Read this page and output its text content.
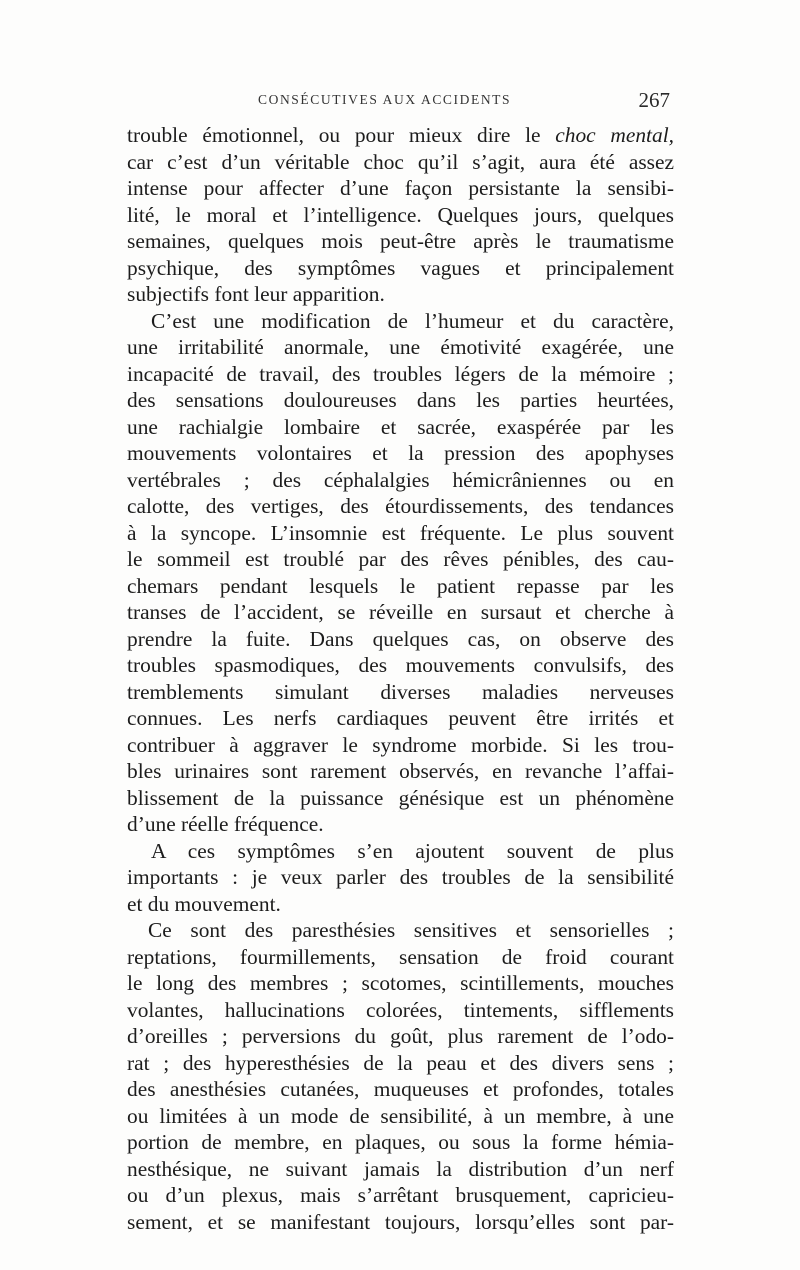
CONSÉCUTIVES AUX ACCIDENTS	267
trouble émotionnel, ou pour mieux dire le choc mental,
car c’est d’un véritable choc qu’il s’agit, aura été assez
intense pour affecter d’une façon persistante la sensibi-
lité, le moral et l’intelligence. Quelques jours, quelques
semaines, quelques mois peut-être après le traumatisme
psychique, des symptômes vagues et principalement
subjectifs font leur apparition.
C’est une modification de l’humeur et du caractère,
une irritabilité anormale, une émotivité exagérée, une
incapacité de travail, des troubles légers de la mémoire ;
des sensations douloureuses dans les parties heurtées,
une rachialgie lombaire et sacrée, exaspérée par les
mouvements volontaires et la pression des apophyses
vertébrales ; des céphalalgies hémicrâniennes ou en
calotte, des vertiges, des étourdissements, des tendances
à la syncope. L’insomnie est fréquente. Le plus souvent
le sommeil est troublé par des rêves pénibles, des cau-
chemars pendant lesquels le patient repasse par les
transes de l’accident, se réveille en sursaut et cherche à
prendre la fuite. Dans quelques cas, on observe des
troubles spasmodiques, des mouvements convulsifs, des
tremblements simulant diverses maladies nerveuses
connues. Les nerfs cardiaques peuvent être irrités et
contribuer à aggraver le syndrome morbide. Si les trou-
bles urinaires sont rarement observés, en revanche l’affai-
blissement de la puissance génésique est un phénomène
d’une réelle fréquence.
A ces symptômes s’en ajoutent souvent de plus
importants : je veux parler des troubles de la sensibilité
et du mouvement.
Ce sont des paresthésies sensitives et sensorielles ;
reptations, fourmillements, sensation de froid courant
le long des membres ; scotomes, scintillements, mouches
volantes, hallucinations colorées, tintements, sifflements
d’oreilles ; perversions du goût, plus rarement de l’odo-
rat ; des hyperesthésies de la peau et des divers sens ;
des anesthésies cutanées, muqueuses et profondes, totales
ou limitées à un mode de sensibilité, à un membre, à une
portion de membre, en plaques, ou sous la forme hémia-
nesthésique, ne suivant jamais la distribution d’un nerf
ou d’un plexus, mais s’arrêtant brusquement, capricieu-
sement, et se manifestant toujours, lorsqu’elles sont par-
